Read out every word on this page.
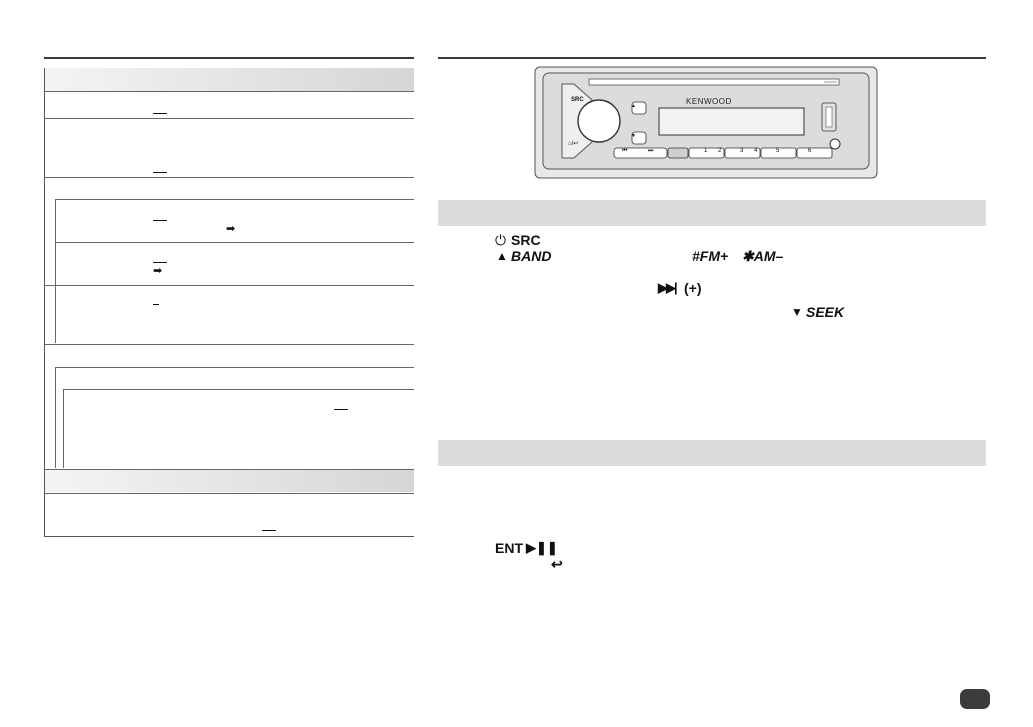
➡
➡
KENWOOD
SRC
⌂/↩
▲
▼
⏮	⏭	1 2	3 4	5	6
⏻ SRC
▲ BAND	#FM+ ✱AM–
▶▶| (+)
▼ SEEK
ENT ▶❚❚
↩
